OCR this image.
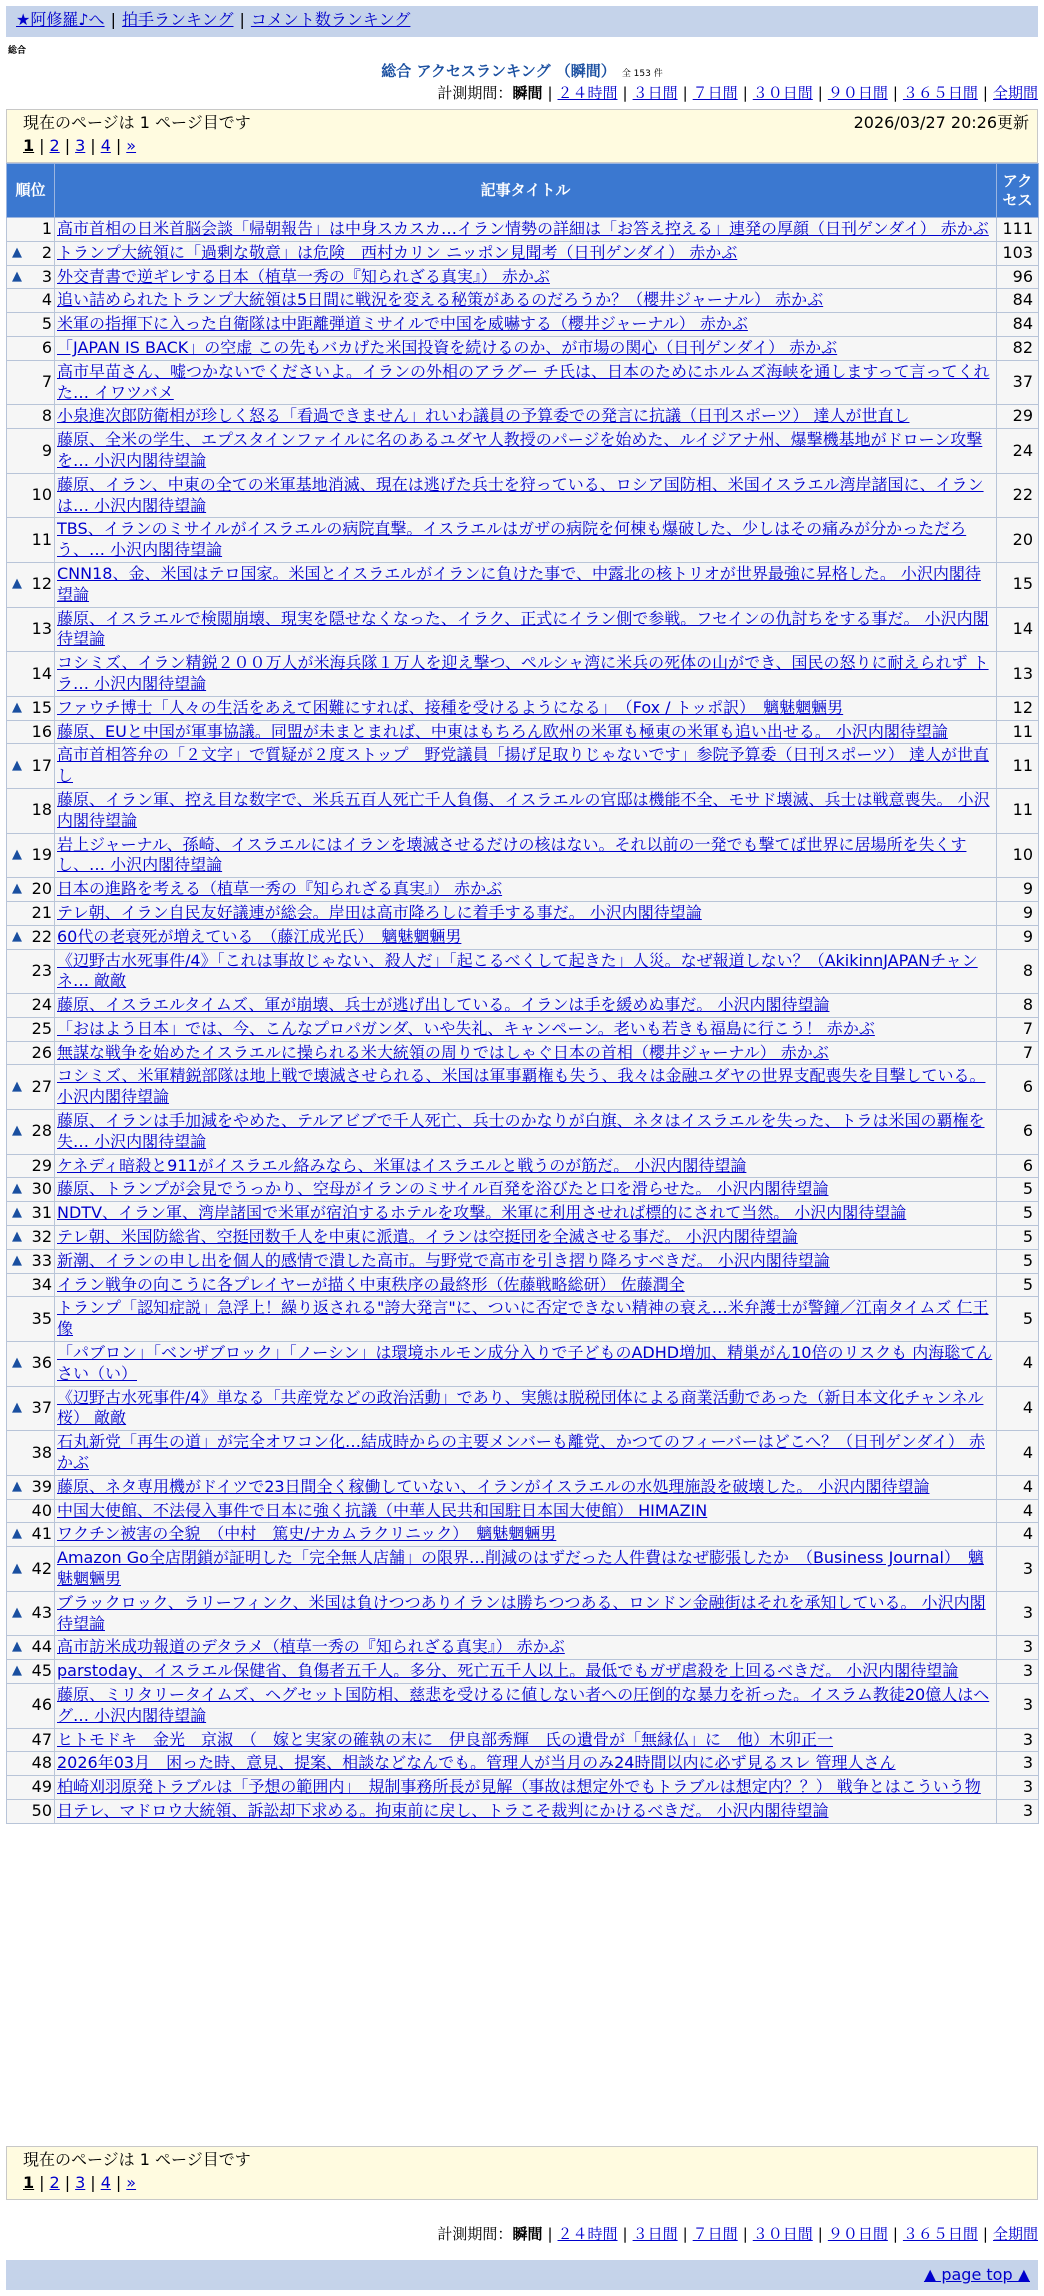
★阿修羅♪へ | 拍手ランキング | コメント数ランキング
総合
総合 アクセスランキング （瞬間） 全 153 件
計測期間：瞬間 | ２４時間 | ３日間 | ７日間 | ３０日間 | ９０日間 | ３６５日間 | 全期間
現在のページは 1 ページ目です	2026/03/27 20:26更新
1 | 2 | 3 | 4 | »
順位	記事タイトル	アクセス
1	高市首相の日米首脳会談「帰朝報告」は中身スカスカ…イラン情勢の詳細は「お答え控える」連発の厚顔（日刊ゲンダイ） 赤かぶ	111

▲ 2	トランプ大統領に「過剰な敬意」は危険　西村カリン ニッポン見聞考（日刊ゲンダイ） 赤かぶ	103

▲ 3	外交青書で逆ギレする日本（植草一秀の『知られざる真実』） 赤かぶ	96
4	追い詰められたトランプ大統領は5日間に戦況を変える秘策があるのだろうか？（櫻井ジャーナル） 赤かぶ	84
5	米軍の指揮下に入った自衛隊は中距離弾道ミサイルで中国を威嚇する（櫻井ジャーナル） 赤かぶ	84
6	「JAPAN IS BACK」の空虚 この先もバカげた米国投資を続けるのか、が市場の関心（日刊ゲンダイ） 赤かぶ	82
7	高市早苗さん、嘘つかないでくださいよ。イランの外相のアラグー チ氏は、日本のためにホルムズ海峡を通しますって言ってくれた… イワツバメ	37
8	小泉進次郎防衛相が珍しく怒る「看過できません」れいわ議員の予算委での発言に抗議（日刊スポーツ） 達人が世直し	29
9	藤原、全米の学生、エプスタインファイルに名のあるユダヤ人教授のパージを始めた、ルイジアナ州、爆撃機基地がドローン攻撃を… 小沢内閣待望論	24
10	藤原、イラン、中東の全ての米軍基地消滅、現在は逃げた兵士を狩っている、ロシア国防相、米国イスラエル湾岸諸国に、イランは… 小沢内閣待望論	22
11	TBS、イランのミサイルがイスラエルの病院直撃。イスラエルはガザの病院を何棟も爆破した、少しはその痛みが分かっただろう、… 小沢内閣待望論	20

▲ 12	CNN18、金、米国はテロ国家。米国とイスラエルがイランに負けた事で、中露北の核トリオが世界最強に昇格した。 小沢内閣待望論	15
13	藤原、イスラエルで検閲崩壊、現実を隠せなくなった、イラク、正式にイラン側で参戦。フセインの仇討ちをする事だ。 小沢内閣待望論	14
14	コシミズ、イラン精鋭２００万人が米海兵隊１万人を迎え撃つ、ペルシャ湾に米兵の死体の山ができ、国民の怒りに耐えられず トラ… 小沢内閣待望論	13

▲ 15	ファウチ博士「人々の生活をあえて困難にすれば、接種を受けるようになる」　（Fox / トッポ訳）　魑魅魍魎男	12
16	藤原、EUと中国が軍事協議。同盟が未まとまれば、中東はもちろん欧州の米軍も極東の米軍も追い出せる。 小沢内閣待望論	11

▲ 17	高市首相答弁の「２文字」で質疑が２度ストップ　野党議員「揚げ足取りじゃないです」参院予算委（日刊スポーツ） 達人が世直し	11
18	藤原、イラン軍、控え目な数字で、米兵五百人死亡千人負傷、イスラエルの官邸は機能不全、モサド壊滅、兵士は戦意喪失。 小沢内閣待望論	11

▲ 19	岩上ジャーナル、孫崎、イスラエルにはイランを壊滅させるだけの核はない。それ以前の一発でも撃てば世界に居場所を失くすし、… 小沢内閣待望論	10

▲ 20	日本の進路を考える（植草一秀の『知られざる真実』） 赤かぶ	9
21	テレ朝、イラン自民友好議連が総会。岸田は高市降ろしに着手する事だ。 小沢内閣待望論	9

▲ 22	60代の老衰死が増えている　（藤江成光氏）　魑魅魍魎男	9
23	《辺野古水死事件/4》「これは事故じゃない、殺人だ」「起こるべくして起きた」人災。なぜ報道しない？（AkikinnJAPANチャンネ… 敵敵	8
24	藤原、イスラエルタイムズ、軍が崩壊、兵士が逃げ出している。イランは手を緩めぬ事だ。 小沢内閣待望論	8
25	「おはよう日本」では、今、こんなプロパガンダ、いや失礼、キャンペーン。老いも若きも福島に行こう！ 赤かぶ	7
26	無謀な戦争を始めたイスラエルに操られる米大統領の周りではしゃぐ日本の首相（櫻井ジャーナル） 赤かぶ	7

▲ 27	コシミズ、米軍精鋭部隊は地上戦で壊滅させられる、米国は軍事覇権も失う、我々は金融ユダヤの世界支配喪失を目撃している。 小沢内閣待望論	6

▲ 28	藤原、イランは手加減をやめた、テルアビブで千人死亡、兵士のかなりが白旗、ネタはイスラエルを失った、トラは米国の覇権を失… 小沢内閣待望論	6
29	ケネディ暗殺と911がイスラエル絡みなら、米軍はイスラエルと戦うのが筋だ。 小沢内閣待望論	6

▲ 30	藤原、トランプが会見でうっかり、空母がイランのミサイル百発を浴びたと口を滑らせた。 小沢内閣待望論	5

▲ 31	NDTV、イラン軍、湾岸諸国で米軍が宿泊するホテルを攻撃。米軍に利用させれば標的にされて当然。 小沢内閣待望論	5

▲ 32	テレ朝、米国防総省、空挺団数千人を中東に派遣。イランは空挺団を全滅させる事だ。 小沢内閣待望論	5

▲ 33	新潮、イランの申し出を個人的感情で潰した高市。与野党で高市を引き摺り降ろすべきだ。 小沢内閣待望論	5
34	イラン戦争の向こうに各プレイヤーが描く中東秩序の最終形（佐藤戦略総研） 佐藤潤全	5
35	トランプ「認知症説」急浮上！繰り返される"誇大発言"に、ついに否定できない精神の衰え…米弁護士が警鐘／江南タイムズ 仁王像	5

▲ 36	「パブロン」「ベンザブロック」「ノーシン」は環境ホルモン成分入りで子どものADHD増加、精巣がん10倍のリスクも 内海聡てんさい（い）	4

▲ 37	《辺野古水死事件/4》単なる「共産党などの政治活動」であり、実態は脱税団体による商業活動であった（新日本文化チャンネル桜） 敵敵	4
38	石丸新党「再生の道」が完全オワコン化…結成時からの主要メンバーも離党、かつてのフィーバーはどこへ？（日刊ゲンダイ） 赤かぶ	4

▲ 39	藤原、ネタ専用機がドイツで23日間全く稼働していない、イランがイスラエルの水処理施設を破壊した。 小沢内閣待望論	4
40	中国大使館、不法侵入事件で日本に強く抗議（中華人民共和国駐日本国大使館） HIMAZIN	4

▲ 41	ワクチン被害の全貌　（中村　篤史/ナカムラクリニック）　魑魅魍魎男	4

▲ 42	Amazon Go全店閉鎖が証明した「完全無人店舗」の限界…削減のはずだった人件費はなぜ膨張したか　（Business Journal）　魑魅魍魎男	3

▲ 43	ブラックロック、ラリーフィンク、米国は負けつつありイランは勝ちつつある、ロンドン金融街はそれを承知している。 小沢内閣待望論	3

▲ 44	高市訪米成功報道のデタラメ（植草一秀の『知られざる真実』） 赤かぶ	3

▲ 45	parstoday、イスラエル保健省、負傷者五千人。多分、死亡五千人以上。最低でもガザ虐殺を上回るべきだ。 小沢内閣待望論	3
46	藤原、ミリタリータイムズ、ヘグセット国防相、慈悲を受けるに値しない者への圧倒的な暴力を祈った。イスラム教徒20億人はヘグ… 小沢内閣待望論	3
47	ヒトモドキ　金光　京淑　（　嫁と実家の確執の末に　伊良部秀輝　氏の遺骨が「無縁仏」に　他）木卯正一	3
48	2026年03月　困った時、意見、提案、相談などなんでも。管理人が当月のみ24時間以内に必ず見るスレ 管理人さん	3
49	柏崎刈羽原発トラブルは「予想の範囲内」　規制事務所長が見解（事故は想定外でもトラブルは想定内？？） 戦争とはこういう物	3
50	日テレ、マドロウ大統領、訴訟却下求める。拘束前に戻し、トラこそ裁判にかけるべきだ。 小沢内閣待望論	3
現在のページは 1 ページ目です
1 | 2 | 3 | 4 | »
計測期間：瞬間 | ２４時間 | ３日間 | ７日間 | ３０日間 | ９０日間 | ３６５日間 | 全期間
▲ page top ▲
